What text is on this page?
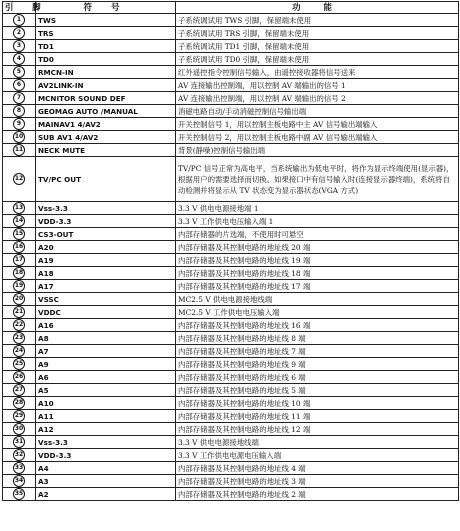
引 脚	符 号	功 能
1	TWS	子系统调试用 TWS 引脚，保留端未使用
2	TRS	子系统调试用 TRS 引脚，保留端未使用
3	TD1	子系统调试用 TD1 引脚，保留端未使用
4	TD0	子系统调试用 TD0 引脚，保留端未使用
5	RMCN-IN	红外遥控指令控制信号输入，由遥控接收器将信号送来
6	AV2LINK-IN	AV 连接输出控制端，用以控制 AV 端输出的信号 1
7	MCNITOR SOUND DEF	AV 连接输出控制端，用以控制 AV 端输出的信号 2
8	GEOMAG AUTO /MANUAL	消磁电路自动/手动消磁控制信号输出端
9	MAINAV1 4/AV2	开关控制信号 1，用以控制主板电路中主 AV 信号输出端输入
10	SUB AV1 4/AV2	开关控制信号 2，用以控制主板电路中副 AV 信号输出端输入
11	NECK MUTE	背景(静噪)控制信号输出端
12	TV/PC OUT	TV/PC 信号正常为高电平，当系统输出为低电平时，将作为显示终端使用(显示器)，根据用户的需要选择而切换。如果接口中有信号输入时(连接显示器终端)，系统将自动检测并将显示从 TV 状态变为显示器状态(VGA 方式)
13	Vss-3.3	3.3 V 供电电源接地端 1
14	VDD-3.3	3.3 V 工作供电电压输入端 1
15	CS3-OUT	内部存储器的片选端，不使用时可悬空
16	A20	内部存储器及其控制电路的地址线 20 端
17	A19	内部存储器及其控制电路的地址线 19 端
18	A18	内部存储器及其控制电路的地址线 18 端
19	A17	内部存储器及其控制电路的地址线 17 端
20	VSSC	MC2.5 V 供电电源接地线端
21	VDDC	MC2.5 V 工作供电电压输入端
22	A16	内部存储器及其控制电路的地址线 16 端
23	A8	内部存储器及其控制电路的地址线 8 端
24	A7	内部存储器及其控制电路的地址线 7 端
25	A9	内部存储器及其控制电路的地址线 9 端
26	A6	内部存储器及其控制电路的地址线 6 端
27	A5	内部存储器及其控制电路的地址线 5 端
28	A10	内部存储器及其控制电路的地址线 10 端
29	A11	内部存储器及其控制电路的地址线 11 端
30	A12	内部存储器及其控制电路的地址线 12 端
31	Vss-3.3	3.3 V 供电电源接地线端
32	VDD-3.3	3.3 V 工作供电电源电压输入端
33	A4	内部存储器及其控制电路的地址线 4 端
34	A3	内部存储器及其控制电路的地址线 3 端
35	A2	内部存储器及其控制电路的地址线 2 端
